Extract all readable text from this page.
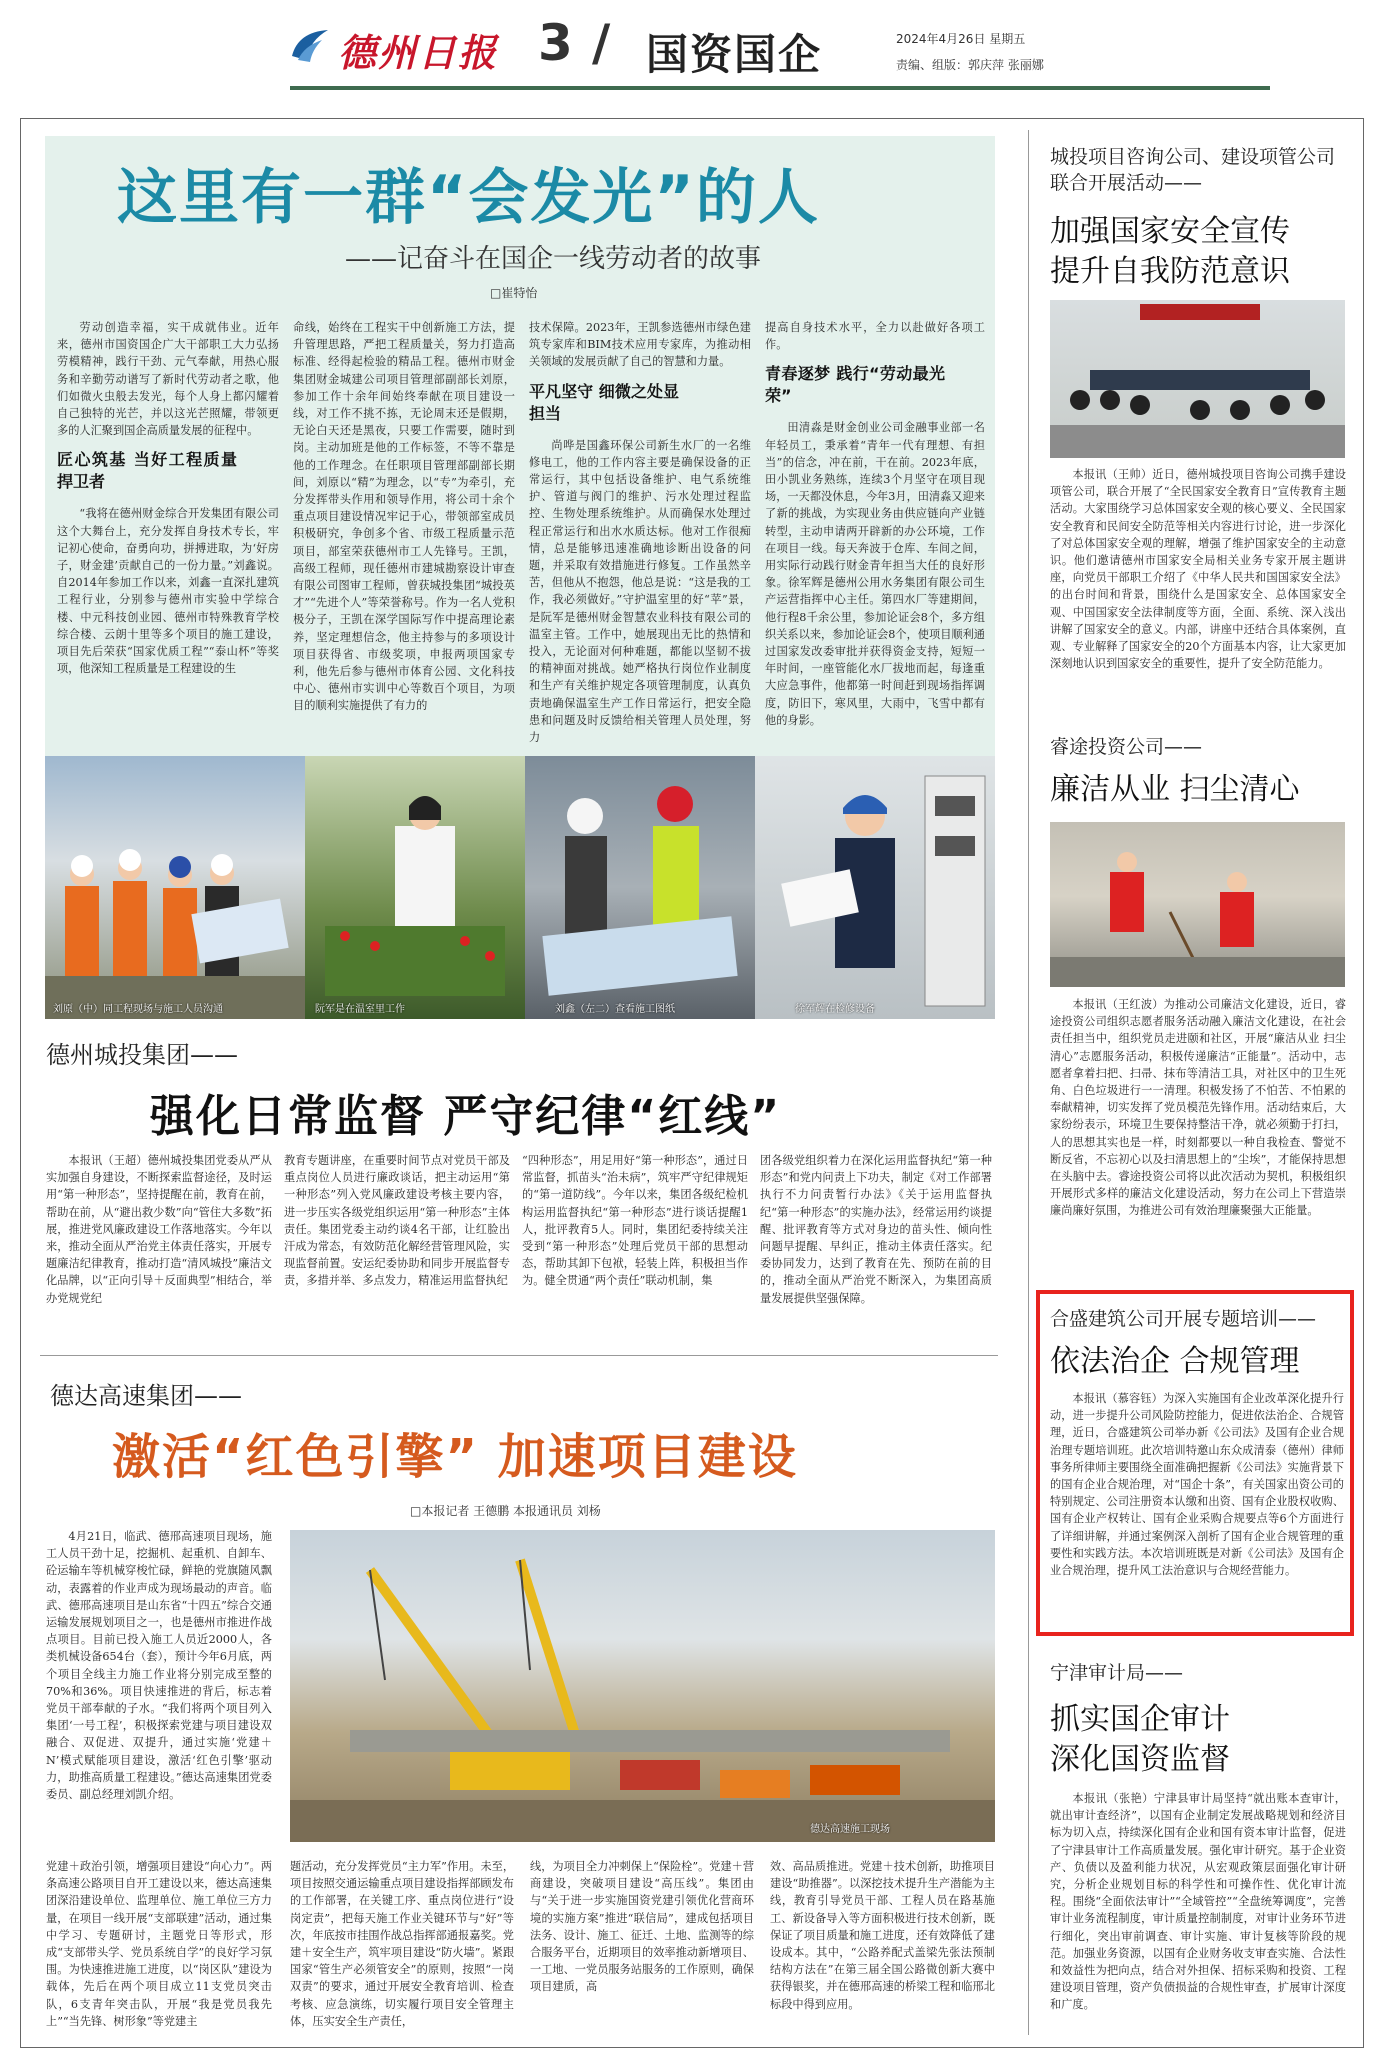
德州日报 3 / 国资国企	2024年4月26日 星期五
责编、组版：郭庆萍 张丽娜
这里有一群“会发光”的人
——记奋斗在国企一线劳动者的故事
□崔特怡
劳动创造幸福，实干成就伟业。近年来，德州市国资国企广大干部职工大力弘扬劳模精神，践行干劲、元气奉献，用热心服务和辛勤劳动谱写了新时代劳动者之歌，他们如微火虫般去发光，每个人身上都闪耀着自己独特的光芒，并以这光芒照耀，带领更多的人汇聚到国企高质量发展的征程中。
匠心筑基 当好工程质量捍卫者
“我将在德州财金综合开发集团有限公司这个大舞台上，充分发挥自身技术专长，牢记初心使命，奋勇向功，拼搏进取，为‘好房子，财金建’贡献自己的一份力量。”刘鑫说。自2014年参加工作以来，刘鑫一直深扎建筑工程行业，分别参与德州市实验中学综合楼、中元科技创业园、德州市特殊教育学校综合楼、云朗十里等多个项目的施工建设，项目先后荣获“国家优质工程”“泰山杯”等奖项，他深知工程质量是工程建设的生
命线，始终在工程实干中创新施工方法，提升管理思路，严把工程质量关，努力打造高标准、经得起检验的精品工程。德州市财金集团财金城建公司项目管理部副部长刘原，参加工作十余年间始终奉献在项目建设一线，对工作不挑不拣，无论周末还是假期，无论白天还是黑夜，只要工作需要，随时到岗。主动加班是他的工作标签，不等不靠是他的工作理念。在任职项目管理部副部长期间，刘原以“精”为理念，以“专”为牵引，充分发挥带头作用和领导作用，将公司十余个重点项目建设情况牢记于心，带领部室成员积极研究，争创多个省、市级工程质量示范项目，部室荣获德州市工人先锋号。王凯，高级工程师，现任德州市建城勘察设计审查有限公司图审工程师，曾获城投集团“城投英才”“先进个人”等荣誉称号。作为一名人党积极分子，王凯在深学国际写作中提高理论素养，坚定理想信念，他主持参与的多项设计项目获得省、市级奖项，申报两项国家专利，他先后参与德州市体育公园、文化科技中心、德州市实训中心等数百个项目，为项目的顺利实施提供了有力的
技术保障。2023年，王凯参选德州市绿色建筑专家库和BIM技术应用专家库，为推动相关领域的发展贡献了自己的智慧和力量。
平凡坚守 细微之处显担当
尚哗是国鑫环保公司新生水厂的一名维修电工，他的工作内容主要是确保设备的正常运行，其中包括设备维护、电气系统维护、管道与阀门的维护、污水处理过程监控、生物处理系统维护。从而确保水处理过程正常运行和出水水质达标。他对工作很痴情，总是能够迅速准确地诊断出设备的问题，并采取有效措施进行修复。工作虽然辛苦，但他从不抱怨，他总是说：“这是我的工作，我必须做好。”守护温室里的好“苹”景，是阮军是德州财金智慧农业科技有限公司的温室主管。工作中，她展现出无比的热情和投入，无论面对何种难题，都能以坚韧不拔的精神面对挑战。她严格执行岗位作业制度和生产有关维护规定各项管理制度，认真负责地确保温室生产工作日常运行，把安全隐患和问题及时反馈给相关管理人员处理，努力
提高自身技术水平，全力以赴做好各项工作。
青春逐梦 践行“劳动最光荣”
田清淼是财金创业公司金融事业部一名年轻员工，秉承着“青年一代有理想、有担当”的信念，冲在前，干在前。2023年底，田小凯业务熟练，连续3个月坚守在项目现场，一天都没休息，今年3月，田清淼又迎来了新的挑战，为实现业务由供应链向产业链转型，主动申请两开辟新的办公环境，工作在项目一线。每天奔波于仓库、车间之间，用实际行动践行财金青年担当大任的良好形象。徐军辉是德州公用水务集团有限公司生产运营指挥中心主任。第四水厂等建期间，他行程8千余公里，参加论证会8个，多方组织关系以来，参加论证会8个，使项目顺利通过国家发改委审批并获得资金支持，短短一年时间，一座管能化水厂拔地而起，每逢重大应急事件，他都第一时间赶到现场指挥调度，防旧下，寒风里，大雨中，飞雪中都有他的身影。
刘原（中）同工程现场与施工人员沟通	阮军是在温室里工作	刘鑫（左二）查看施工图纸	徐军辉在检修设备
德州城投集团——
强化日常监督 严守纪律“红线”
本报讯（王超）德州城投集团党委从严从实加强自身建设，不断探索监督途径，及时运用“第一种形态”，坚持提醒在前，教育在前，帮助在前，从“避出救少数”向“管住大多数”拓展，推进党风廉政建设工作落地落实。今年以来，推动全面从严治党主体责任落实，开展专题廉洁纪律教育，推动打造“清风城投”廉洁文化品牌，以“正向引导＋反面典型”相结合，举办党规党纪
教育专题讲座，在重要时间节点对党员干部及重点岗位人员进行廉政谈话，把主动运用“第一种形态”列入党风廉政建设考核主要内容，进一步压实各级党组织运用“第一种形态”主体责任。集团党委主动约谈4名干部，让红脸出汗成为常态，有效防范化解经营管理风险，实现监督前置。安运纪委协助和同步开展监督专责，多措并举、多点发力，精准运用监督执纪
“四种形态”，用足用好“第一种形态”，通过日常监督，抓苗头“治未病”，筑牢严守纪律规矩的“第一道防线”。今年以来，集团各级纪检机构运用监督执纪“第一种形态”进行谈话提醒1人，批评教育5人。同时，集团纪委持续关注受到“第一种形态”处理后党员干部的思想动态，帮助其卸下包袱，轻装上阵，积极担当作为。健全贯通“两个责任”联动机制，集
团各级党组织着力在深化运用监督执纪“第一种形态”和党内问责上下功夫，制定《对工作部署执行不力问责暂行办法》《关于运用监督执纪“第一种形态”的实施办法》，经常运用约谈提醒、批评教育等方式对身边的苗头性、倾向性问题早提醒、早纠正，推动主体责任落实。纪委协同发力，达到了教育在先、预防在前的目的，推动全面从严治党不断深入，为集团高质量发展提供坚强保障。
德达高速集团——
激活“红色引擎” 加速项目建设
□本报记者 王德鹏 本报通讯员 刘杨
4月21日，临武、德邢高速项目现场，施工人员干劲十足，挖掘机、起重机、自卸车、砼运输车等机械穿梭忙碌，鲜艳的党旗随风飘动，表露着的作业声成为现场最动的声音。临武、德邢高速项目是山东省“十四五”综合交通运输发展规划项目之一，也是德州市推进作战点项目。目前已投入施工人员近2000人，各类机械设备654台（套），预计今年6月底，两个项目全线主力施工作业将分别完成至整的70%和36%。项目快速推进的背后，标志着党员干部奉献的子水。“我们将两个项目列入集团‘一号工程’，积极探索党建与项目建设双融合、双促进、双提升，通过实施‘党建＋N’模式赋能项目建设，激活‘红色引擎’驱动力，助推高质量工程建设。”德达高速集团党委委员、副总经理刘凯介绍。
德达高速施工现场
党建＋政治引领，增强项目建设“向心力”。两条高速公路项目自开工建设以来，德达高速集团深沿建设单位、监理单位、施工单位三方力量，在项目一线开展“支部联建”活动，通过集中学习、专题研讨，主题党日等形式，形成“支部带头学、党员系统自学”的良好学习氛围。为快速推进施工进度，以“岗区队”建设为载体，先后在两个项目成立11支党员突击队，6支青年突击队，开展“我是党员我先上”“当先锋、树形象”等党建主
题活动，充分发挥党员“主力军”作用。未至，项目按照交通运输重点项目建设指挥部顾发布的工作部署，在关键工序、重点岗位进行“设岗定责”，把每天施工作业关键环节与“好”等次，年底按市挂围作战总指挥部通报嘉奖。党建＋安全生产，筑牢项目建设“防火墙”。紧跟国家“管生产必须管安全”的原则，按照“一岗双责”的要求，通过开展安全教育培训、检查考核、应急演练，切实履行项目安全管理主体，压实安全生产责任，
线，为项目全力冲刺保上“保险栓”。党建＋营商建设，突破项目建设“高压线”。集团由与“关于进一步实施国资党建引领优化营商环境的实施方案”推进“联信局”，建成包括项目法务、设计、施工、征迁、土地、监测等的综合服务平台，近期项目的效率推动新增项目、一工地、一党员服务站服务的工作原则，确保项目建质，高
效、高品质推进。党建＋技术创新，助推项目建设“助推器”。以深挖技术提升生产潜能为主线，教育引导党员干部、工程人员在路基施工、新设备导入等方面积极进行技术创新，既保证了项目质量和施工进度，还有效降低了建设成本。其中，“公路养配式盖梁先张法预制结构方法在”在第三届全国公路微创新大赛中获得银奖，并在德邢高速的桥梁工程和临邢北标段中得到应用。
城投项目咨询公司、建设项管公司联合开展活动——
加强国家安全宣传
提升自我防范意识
本报讯（王帅）近日，德州城投项目咨询公司携手建设项管公司，联合开展了“全民国家安全教育日”宣传教育主题活动。大家围绕学习总体国家安全观的核心要义、全民国家安全教育和民间安全防范等相关内容进行讨论，进一步深化了对总体国家安全观的理解，增强了维护国家安全的主动意识。他们邀请德州市国家安全局相关业务专家开展主题讲座，向党员干部职工介绍了《中华人民共和国国家安全法》的出台时间和背景，围绕什么是国家安全、总体国家安全观、中国国家安全法律制度等方面，全面、系统、深入浅出讲解了国家安全的意义。内部，讲座中还结合具体案例，直观、专业解释了国家安全的20个方面基本内容，让大家更加深刻地认识到国家安全的重要性，提升了安全防范能力。
睿途投资公司——
廉洁从业 扫尘清心
本报讯（王红波）为推动公司廉洁文化建设，近日，睿途投资公司组织志愿者服务活动融入廉洁文化建设，在社会责任担当中，组织党员走进颐和社区，开展“廉洁从业 扫尘清心”志愿服务活动，积极传递廉洁“正能量”。活动中，志愿者拿着扫把、扫帚、抹布等清洁工具，对社区中的卫生死角、白色垃圾进行一一清理。积极发扬了不怕苦、不怕累的奉献精神，切实发挥了党员模范先锋作用。活动结束后，大家纷纷表示，环境卫生要保持整洁干净，就必须勤于打扫，人的思想其实也是一样，时刻都要以一种自我检查、警觉不断反省，不忘初心以及扫清思想上的“尘埃”，才能保持思想在头脑中去。睿途投资公司将以此次活动为契机，积极组织开展形式多样的廉洁文化建设活动，努力在公司上下营造崇廉尚廉好氛围，为推进公司有效治理廉聚强大正能量。
合盛建筑公司开展专题培训——
依法治企 合规管理
本报讯（慕容钰）为深入实施国有企业改革深化提升行动，进一步提升公司风险防控能力，促进依法治企、合规管理，近日，合盛建筑公司举办新《公司法》及国有企业合规治理专题培训班。此次培训特邀山东众成清泰（德州）律师事务所律师主要围绕全面准确把握新《公司法》实施背景下的国有企业合规治理，对“国企十条”，有关国家出资公司的特别规定、公司注册资本认缴和出资、国有企业股权收购、国有企业产权转让、国有企业采购合规要点等6个方面进行了详细讲解，并通过案例深入剖析了国有企业合规管理的重要性和实践方法。本次培训班既是对新《公司法》及国有企业合规治理，提升风工法治意识与合规经营能力。
宁津审计局——
抓实国企审计
深化国资监督
本报讯（张艳）宁津县审计局坚持“就出账本查审计，就出审计查经济”，以国有企业制定发展战略规划和经济目标为切入点，持续深化国有企业和国有资本审计监督，促进了宁津县审计工作高质量发展。强化审计研究。基于企业资产、负债以及盈利能力状况，从宏观政策层面强化审计研究，分析企业规划目标的科学性和可操作性、优化审计流程。围绕“全面依法审计”“全域管控”“全盘统筹调度”，完善审计业务流程制度，审计质量控制制度，对审计业务环节进行细化，突出审前调查、审计实施、审计复核等阶段的规范。加强业务资源，以国有企业财务收支审查实施、合法性和效益性为把向点，结合对外担保、招标采购和投资、工程建设项目管理，资产负债损益的合规性审查，扩展审计深度和广度。
